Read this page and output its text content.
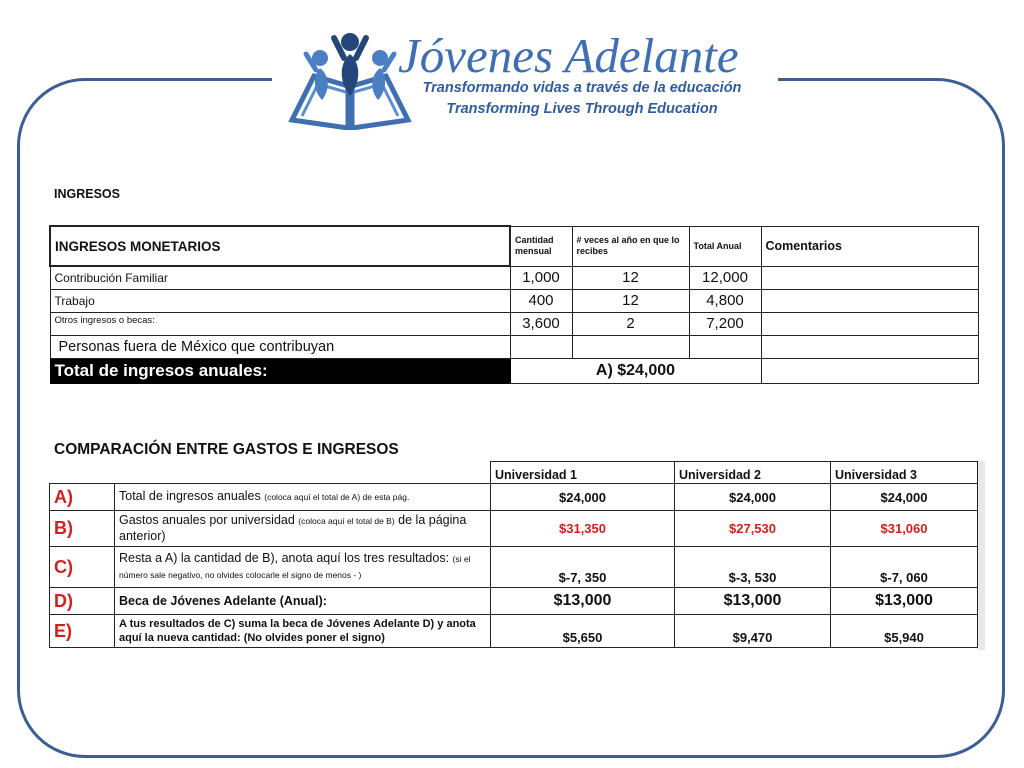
Jóvenes Adelante
Transformando vidas a través de la educación
Transforming Lives Through Education
INGRESOS
INGRESOS MONETARIOS	Cantidad mensual	# veces al año en que lo recibes	Total Anual	Comentarios
Contribución Familiar	1,000	12	12,000	
Trabajo	400	12	4,800	
Otros ingresos o becas:	3,600	2	7,200	
Personas fuera de México que contribuyan				
Total de ingresos anuales:	A) $24,000			
COMPARACIÓN ENTRE GASTOS E INGRESOS
		Universidad 1	Universidad 2	Universidad 3
A)	Total de ingresos anuales (coloca aquí el total de A) de esta pág.	$24,000	$24,000	$24,000
B)	Gastos anuales por universidad (coloca aquí el total de B) de la página anterior)	$31,350	$27,530	$31,060
C)	Resta a A) la cantidad de B), anota aquí los tres resultados: (si el número sale negativo, no olvides colocarle el signo de menos - )	$-7, 350	$-3, 530	$-7, 060
D)	Beca de Jóvenes Adelante (Anual):	$13,000	$13,000	$13,000
E)	A tus resultados de C) suma la beca de Jóvenes Adelante D) y anota aquí la nueva cantidad: (No olvides poner el signo)	$5,650	$9,470	$5,940
